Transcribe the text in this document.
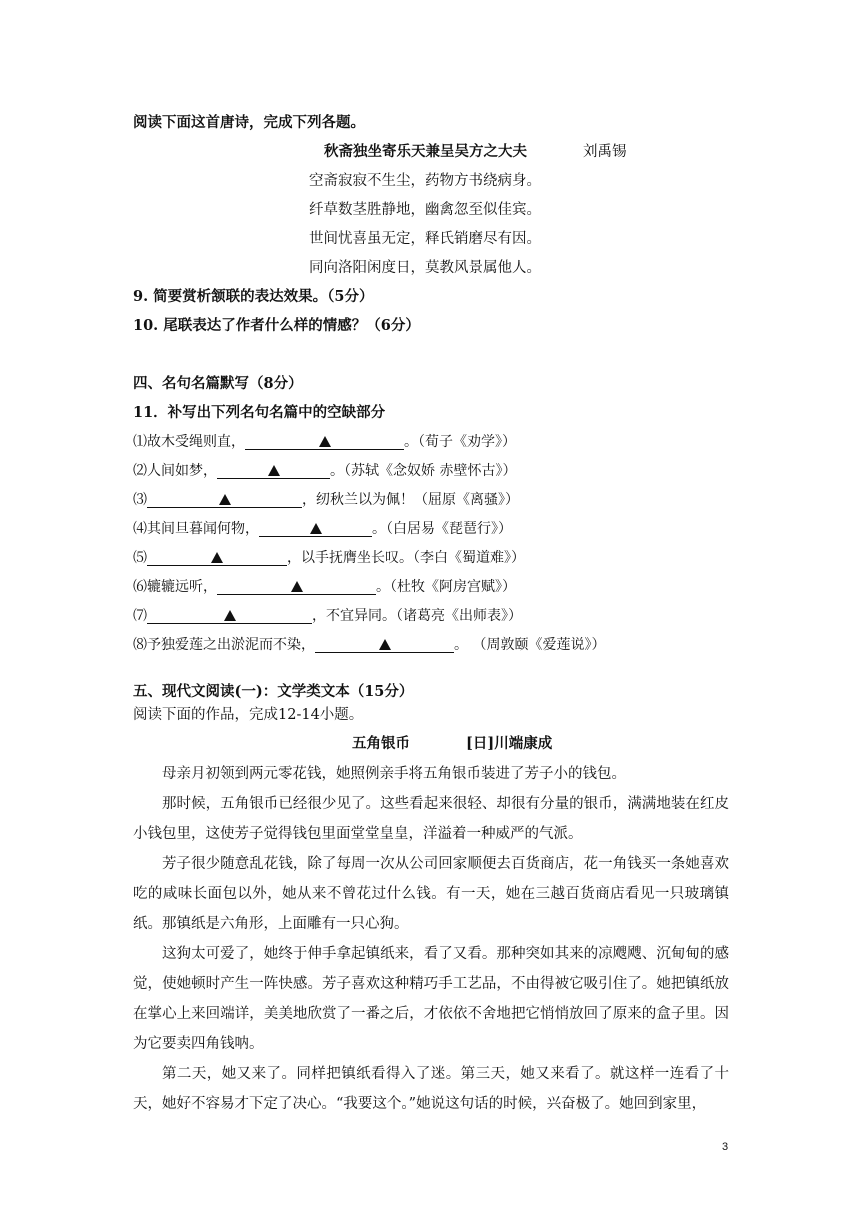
阅读下面这首唐诗，完成下列各题。
秋斋独坐寄乐天兼呈吴方之大夫	刘禹锡
空斋寂寂不生尘，药物方书绕病身。
纤草数茎胜静地，幽禽忽至似佳宾。
世间忧喜虽无定，释氏销磨尽有因。
同向洛阳闲度日，莫教风景属他人。
9. 简要赏析颔联的表达效果。（5分）
10. 尾联表达了作者什么样的情感？（6分）
四、名句名篇默写（8分）
11．补写出下列名句名篇中的空缺部分
⑴故木受绳则直，	。（荀子《劝学》）
⑵人间如梦，	。（苏轼《念奴娇 赤壁怀古》）
⑶	，纫秋兰以为佩！（屈原《离骚》）
⑷其间旦暮闻何物，	。（白居易《琵琶行》）
⑸	，以手抚膺坐长叹。（李白《蜀道难》）
⑹辘辘远听，	。（杜牧《阿房宫赋》）
⑺	，不宜异同。（诸葛亮《出师表》）
⑻予独爱莲之出淤泥而不染，	。 （周敦颐《爱莲说》）
五、现代文阅读(一)：文学类文本（15分）
阅读下面的作品，完成12-14小题。
五角银币	[日]川端康成
母亲月初领到两元零花钱，她照例亲手将五角银币装进了芳子小的钱包。
那时候，五角银币已经很少见了。这些看起来很轻、却很有分量的银币，满满地装在红皮小钱包里，这使芳子觉得钱包里面堂堂皇皇，洋溢着一种威严的气派。
芳子很少随意乱花钱，除了每周一次从公司回家顺便去百货商店，花一角钱买一条她喜欢吃的咸味长面包以外，她从来不曾花过什么钱。有一天，她在三越百货商店看见一只玻璃镇纸。那镇纸是六角形，上面雕有一只心狗。
这狗太可爱了，她终于伸手拿起镇纸来，看了又看。那种突如其来的凉飕飕、沉甸甸的感觉，使她顿时产生一阵快感。芳子喜欢这种精巧手工艺品，不由得被它吸引住了。她把镇纸放在掌心上来回端详，美美地欣赏了一番之后，才依依不舍地把它悄悄放回了原来的盒子里。因为它要卖四角钱呐。
第二天，她又来了。同样把镇纸看得入了迷。第三天，她又来看了。就这样一连看了十天，她好不容易才下定了决心。“我要这个。”她说这句话的时候，兴奋极了。她回到家里，
3
